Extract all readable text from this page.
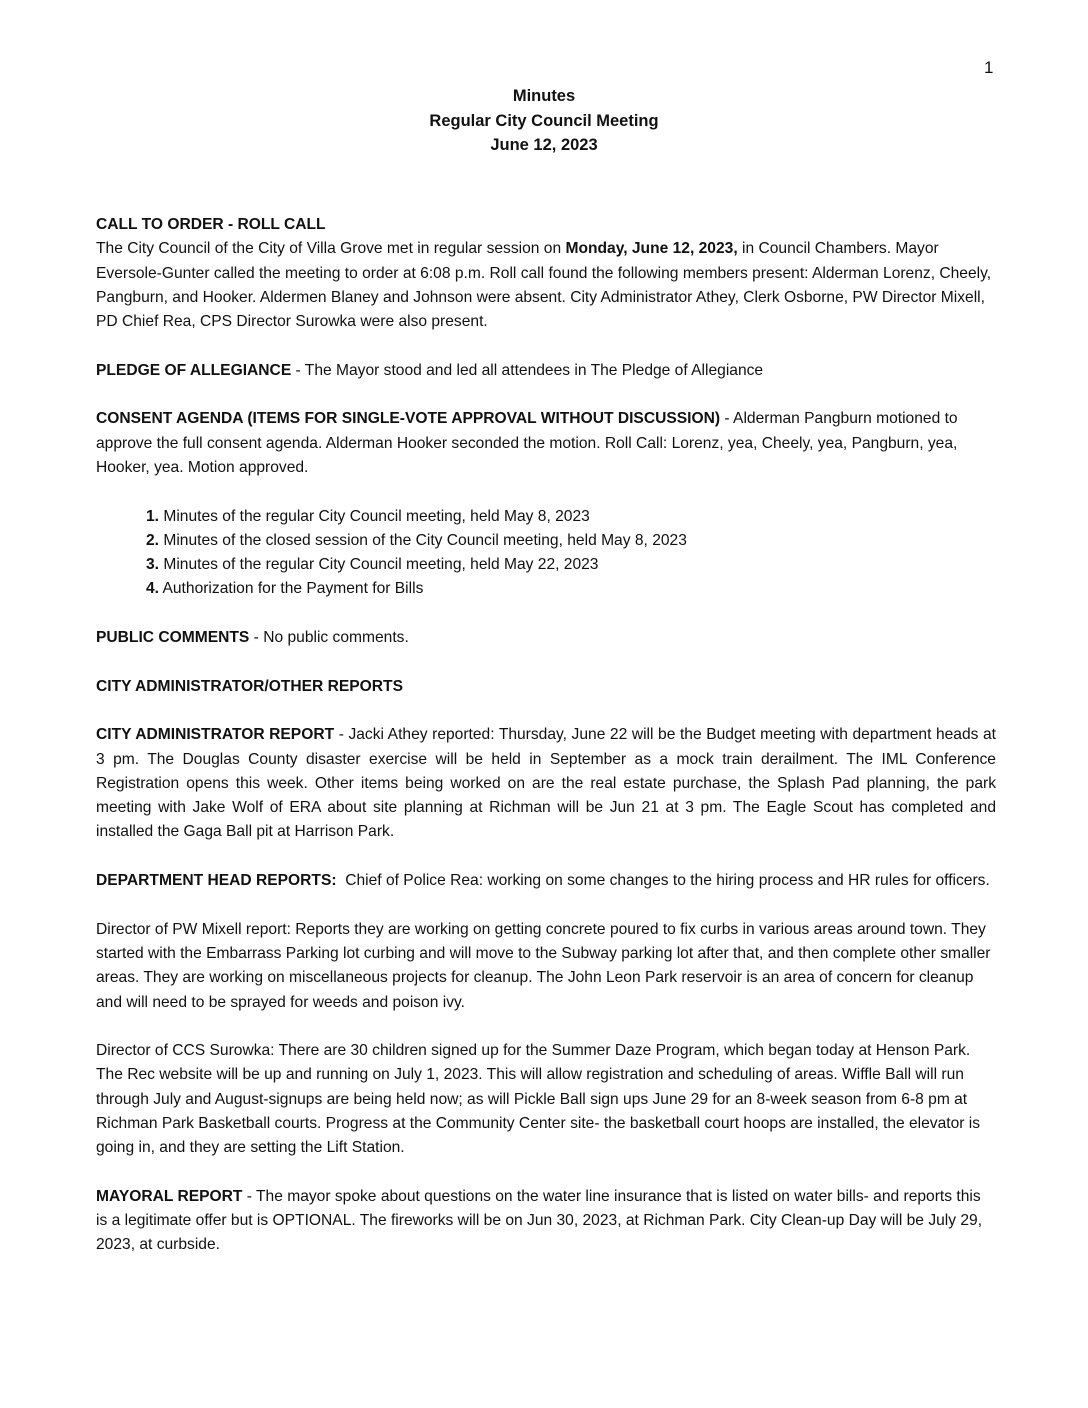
1
Minutes
Regular City Council Meeting
June 12, 2023

CALL TO ORDER - ROLL CALL
The City Council of the City of Villa Grove met in regular session on Monday, June 12, 2023, in Council Chambers. Mayor Eversole-Gunter called the meeting to order at 6:08 p.m. Roll call found the following members present: Alderman Lorenz, Cheely, Pangburn, and Hooker. Aldermen Blaney and Johnson were absent. City Administrator Athey, Clerk Osborne, PW Director Mixell, PD Chief Rea, CPS Director Surowka were also present.

PLEDGE OF ALLEGIANCE - The Mayor stood and led all attendees in The Pledge of Allegiance

CONSENT AGENDA (ITEMS FOR SINGLE-VOTE APPROVAL WITHOUT DISCUSSION) - Alderman Pangburn motioned to approve the full consent agenda. Alderman Hooker seconded the motion. Roll Call: Lorenz, yea, Cheely, yea, Pangburn, yea, Hooker, yea. Motion approved.

1. Minutes of the regular City Council meeting, held May 8, 2023
2. Minutes of the closed session of the City Council meeting, held May 8, 2023
3. Minutes of the regular City Council meeting, held May 22, 2023
4. Authorization for the Payment for Bills

PUBLIC COMMENTS - No public comments.

CITY ADMINISTRATOR/OTHER REPORTS

CITY ADMINISTRATOR REPORT - Jacki Athey reported: Thursday, June 22 will be the Budget meeting with department heads at 3 pm. The Douglas County disaster exercise will be held in September as a mock train derailment. The IML Conference Registration opens this week. Other items being worked on are the real estate purchase, the Splash Pad planning, the park meeting with Jake Wolf of ERA about site planning at Richman will be Jun 21 at 3 pm. The Eagle Scout has completed and installed the Gaga Ball pit at Harrison Park.

DEPARTMENT HEAD REPORTS:  Chief of Police Rea: working on some changes to the hiring process and HR rules for officers.

Director of PW Mixell report: Reports they are working on getting concrete poured to fix curbs in various areas around town. They started with the Embarrass Parking lot curbing and will move to the Subway parking lot after that, and then complete other smaller areas. They are working on miscellaneous projects for cleanup. The John Leon Park reservoir is an area of concern for cleanup and will need to be sprayed for weeds and poison ivy.

Director of CCS Surowka: There are 30 children signed up for the Summer Daze Program, which began today at Henson Park. The Rec website will be up and running on July 1, 2023. This will allow registration and scheduling of areas. Wiffle Ball will run through July and August-signups are being held now; as will Pickle Ball sign ups June 29 for an 8-week season from 6-8 pm at Richman Park Basketball courts. Progress at the Community Center site- the basketball court hoops are installed, the elevator is going in, and they are setting the Lift Station.

MAYORAL REPORT - The mayor spoke about questions on the water line insurance that is listed on water bills- and reports this is a legitimate offer but is OPTIONAL. The fireworks will be on Jun 30, 2023, at Richman Park. City Clean-up Day will be July 29, 2023, at curbside.
